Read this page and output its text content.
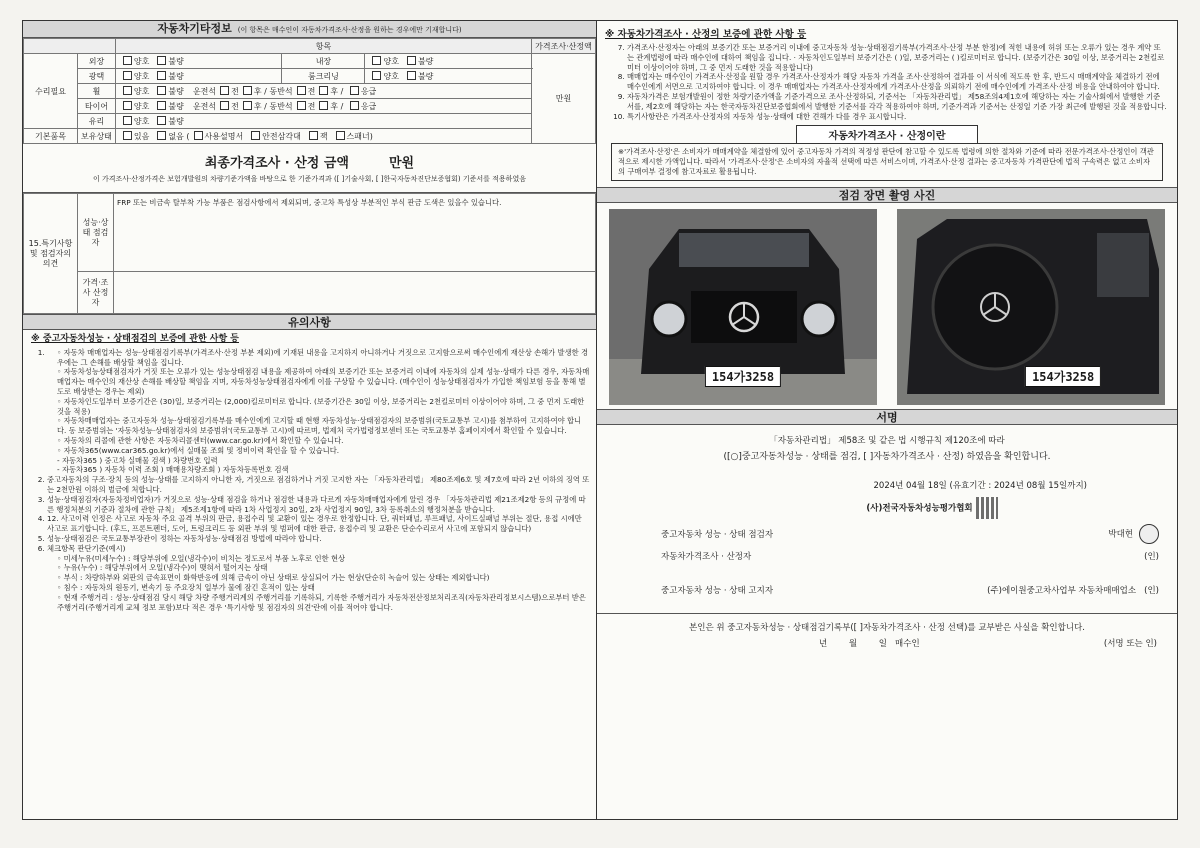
자동차기타정보 (이 항목은 매수인이 자동차가격조사·산정을 원하는 경우에만 기재합니다)
		항목			가격조사·산정액
수리필요	외장	양호 불량	내장	양호 불량	만원
	광택	양호 불량	룸크리닝	양호 불량	
	휠	양호 불량 운전석 전 후 / 동반석 전 후 / 응급			
	타이어	양호 불량 운전석 전 후 / 동반석 전 후 / 응급			
	유리	양호 불량			
기본품목	보유상태	있음 없음 ( 사용설명서 안전삼각대 잭 스패너)			
최종가격조사 · 산정 금액	만원
이 가격조사·산정가격은 보험개발원의 차량기준가액을 바탕으로 한 기준가격과 ([ ]기술사회, [ ]한국자동차진단보증협회) 기준서를 적용하였음
15.특기사항 및 점검자의 의견	성능·상태 점검자	FRP 또는 비금속 탈부착 가능 부품은 점검사항에서 제외되며, 중고차 특성상 부분적인 부식 판금 도색은 있을수 있습니다.
	가격·조사 산정자	
유의사항
※ 중고자동차성능 · 상태점검의 보증에 관한 사항 등
◦ 1. 자동차 매매업자는 성능·상태점검기록부(가격조사·산정 부분 제외)에 기재된 내용을 고지하지 아니하거나 거짓으로 고지함으로써 매수인에게 재산상 손해가 발생한 경우에는 그 손해를 배상할 책임을 집니다.
◦ 자동차성능상태점검자가 거짓 또는 오류가 있는 성능상태점검 내용을 제공하여 아래의 보증기간 또는 보증거리 이내에 자동차의 실제 성능·상태가 다른 경우, 자동차매매업자는 매수인의 재산상 손해를 배상할 책임을 지며, 자동차성능상태점검자에게 이를 구상할 수 있습니다. (매수인이 성능상태점검자가 가입한 책임보험 등을 통해 별도로 배상받는 경우는 제외)
◦ 자동차인도일부터 보증기간은 (30)일, 보증거리는 (2,000)킬로미터로 합니다. (보증기간은 30일 이상, 보증거리는 2천킬로미터 이상이어야 하며, 그 중 먼저 도래한 것을 적용)
◦ 자동차매매업자는 중고자동차 성능·상태점검기록부를 매수인에게 고지할 때 현행 자동차성능·상태점검자의 보증범위(국토교통부 고시)를 첨부하여 고지하여야 합니다. 동 보증범위는 '자동차성능·상태점검자의 보증범위'(국토교통부 고시)에 따르며, 법제처 국가법령정보센터 또는 국토교통부 홈페이지에서 확인할 수 있습니다.
◦ 자동차의 리콜에 관한 사항은 자동차리콜센터(www.car.go.kr)에서 확인할 수 있습니다.
◦ 자동차365(www.car365.go.kr)에서 실매물 조회 및 정비이력 확인을 할 수 있습니다.
- 자동차365 ) 중고차 실매물 검색 ) 차량번호 입력
- 자동차365 ) 자동차 이력 조회 ) 매매용차량조회 ) 자동차등록번호 검색
2. 중고자동차의 구조·장치 등의 성능·상태를 고지하지 아니한 자, 거짓으로 점검하거나 거짓 고지한 자는 「자동차관리법」 제80조제6호 및 제7호에 따라 2년 이하의 징역 또는 2천만원 이하의 벌금에 처합니다.
3. 성능·상태점검자(자동차정비업자)가 거짓으로 성능·상태 점검을 하거나 점검한 내용과 다르게 자동차매매업자에게 알린 경우 「자동차관리법 제21조제2항 등의 규정에 따른 행정처분의 기준과 절차에 관한 규칙」 제5조제1항에 따라 1차 사업정지 30일, 2차 사업정지 90일, 3차 등록취소의 행정처분을 받습니다.
4. 12. 사고이력 인정은 사고로 자동차 주요 골격 부위의 판금, 용접수리 및 교환이 있는 경우로 한정합니다. 단, 쿼터패널, 루프패널, 사이드실패널 부위는 절단, 용접 시에만 사고로 표기합니다. (후드, 프론트펜더, 도어, 트렁크리드 등 외판 부위 및 범퍼에 대한 판금, 용접수리 및 교환은 단순수리로서 사고에 포함되지 않습니다)
5. 성능·상태점검은 국토교통부장관이 정하는 자동차성능·상태점검 방법에 따라야 합니다.
6. 체크항목 판단기준(예시)
◦ 미세누유(미세누수) : 해당부위에 오일(냉각수)이 비치는 정도로서 부품 노후로 인한 현상
◦ 누유(누수) : 해당부위에서 오일(냉각수)이 맺혀서 떨어지는 상태
◦ 부식 : 차량하부와 외판의 금속표면이 화학반응에 의해 금속이 아닌 상태로 상실되어 가는 현상(단순히 녹슬어 있는 상태는 제외합니다)
◦ 침수 : 자동차의 원동기, 변속기 등 주요장치 일부가 물에 잠긴 흔적이 있는 상태
◦ 현재 주행거리 : 성능·상태점검 당시 해당 차량 주행거리계의 주행거리를 기록하되, 기록한 주행거리가 자동차전산정보처리조직(자동차관리정보시스템)으로부터 받은 주행거리(주행거리계 교체 정보 포함)보다 적은 경우 '특기사항 및 점검자의 의견'란에 이를 적어야 합니다.
※ 자동차가격조사 · 산정의 보증에 관한 사항 등
7. 가격조사·산정자는 아래의 보증기간 또는 보증거리 이내에 중고자동차 성능·상태점검기록부(가격조사·산정 부분 한정)에 적힌 내용에 허위 또는 오류가 있는 경우 계약 또는 관계법령에 따라 매수인에 대하여 책임을 집니다. · 자동차인도일부터 보증기간은 ( )일, 보증거리는 ( )킬로미터로 합니다. (보증기간은 30일 이상, 보증거리는 2천킬로미터 이상이어야 하며, 그 중 먼저 도래한 것을 적용합니다)
8. 매매업자는 매수인이 가격조사·산정을 원할 경우 가격조사·산정자가 해당 자동차 가격을 조사·산정하여 결과를 이 서식에 적도록 한 후, 반드시 매매계약을 체결하기 전에 매수인에게 서면으로 고지하여야 합니다. 이 경우 매매업자는 가격조사·산정자에게 가격조사·산정을 의뢰하기 전에 매수인에게 가격조사·산정 비용을 안내하여야 합니다.
9. 자동차가격은 보험개발원이 정한 차량기준가액을 기준가격으로 조사·산정하되, 기준서는 「자동차관리법」 제58조의4제1호에 해당하는 자는 기술사회에서 발행한 기준서를, 제2호에 해당하는 자는 한국자동차진단보증협회에서 발행한 기준서를 각각 적용하여야 하며, 기준가격과 기준서는 산정일 기준 가장 최근에 발행된 것을 적용합니다.
10. 특기사항란은 가격조사·산정자의 자동차 성능·상태에 대한 견해가 다를 경우 표시합니다.
자동차가격조사 · 산정이란
※'가격조사·산정'은 소비자가 매매계약을 체결함에 있어 중고자동차 가격의 적정성 판단에 참고할 수 있도록 법령에 의한 절차와 기준에 따라 전문가격조사·산정인이 객관적으로 제시한 가액입니다. 따라서 '가격조사·산정'은 소비자의 자율적 선택에 따른 서비스이며, 가격조사·산정 결과는 중고자동차 가격판단에 법적 구속력은 없고 소비자의 구매여부 결정에 참고자료로 활용됩니다.
점검 장면 촬영 사진
154가3258	154가3258
서명
「자동차관리법」 제58조 및 같은 법 시행규칙 제120조에 따라
([○]중고자동차성능 · 상태를 점검, [ ]자동차가격조사 · 산정) 하였음을 확인합니다.
2024년 04월 18일 (유효기간 : 2024년 08월 15일까지)
(사)전국자동차성능평가협회
중고자동차 성능 · 상태 점검자	박대현
자동차가격조사 · 산정자	(인)
중고자동차 성능 · 상태 고지자	(주)에이원중고차사업부 자동차매매업소 (인)
본인은 위 중고자동차성능 · 상태점검기록부([ ]자동차가격조사 · 산정 선택)를 교부받은 사실을 확인합니다.
년	월	일 매수인	(서명 또는 인)
